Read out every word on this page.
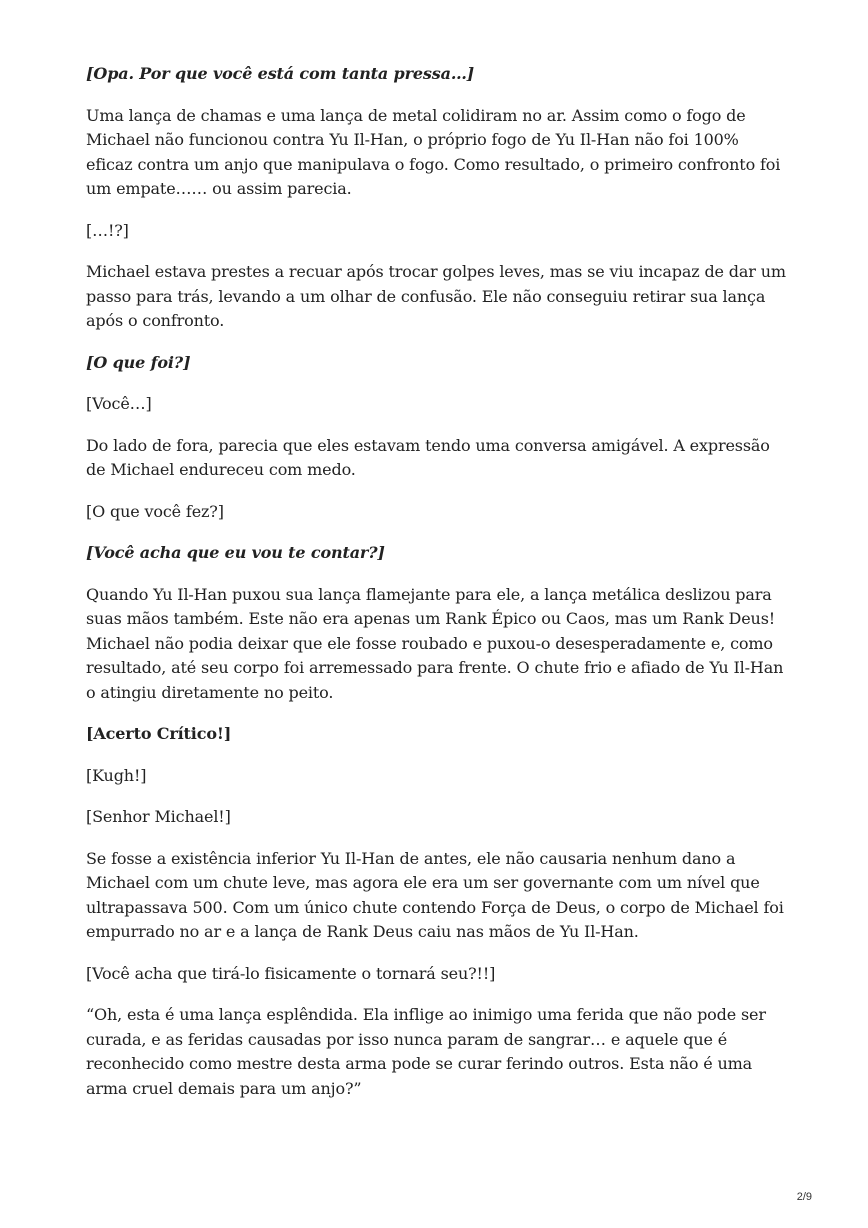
[Opa. Por que você está com tanta pressa…]

Uma lança de chamas e uma lança de metal colidiram no ar. Assim como o fogo de Michael não funcionou contra Yu Il-Han, o próprio fogo de Yu Il-Han não foi 100% eficaz contra um anjo que manipulava o fogo. Como resultado, o primeiro confronto foi um empate…… ou assim parecia.

[…!?]

Michael estava prestes a recuar após trocar golpes leves, mas se viu incapaz de dar um passo para trás, levando a um olhar de confusão. Ele não conseguiu retirar sua lança após o confronto.

[O que foi?]

[Você…]

Do lado de fora, parecia que eles estavam tendo uma conversa amigável. A expressão de Michael endureceu com medo.

[O que você fez?]

[Você acha que eu vou te contar?]

Quando Yu Il-Han puxou sua lança flamejante para ele, a lança metálica deslizou para suas mãos também. Este não era apenas um Rank Épico ou Caos, mas um Rank Deus! Michael não podia deixar que ele fosse roubado e puxou-o desesperadamente e, como resultado, até seu corpo foi arremessado para frente. O chute frio e afiado de Yu Il-Han o atingiu diretamente no peito.

[Acerto Crítico!]

[Kugh!]

[Senhor Michael!]

Se fosse a existência inferior Yu Il-Han de antes, ele não causaria nenhum dano a Michael com um chute leve, mas agora ele era um ser governante com um nível que ultrapassava 500. Com um único chute contendo Força de Deus, o corpo de Michael foi empurrado no ar e a lança de Rank Deus caiu nas mãos de Yu Il-Han.

[Você acha que tirá-lo fisicamente o tornará seu?!!]

“Oh, esta é uma lança esplêndida. Ela inflige ao inimigo uma ferida que não pode ser curada, e as feridas causadas por isso nunca param de sangrar… e aquele que é reconhecido como mestre desta arma pode se curar ferindo outros. Esta não é uma arma cruel demais para um anjo?”

2/9
